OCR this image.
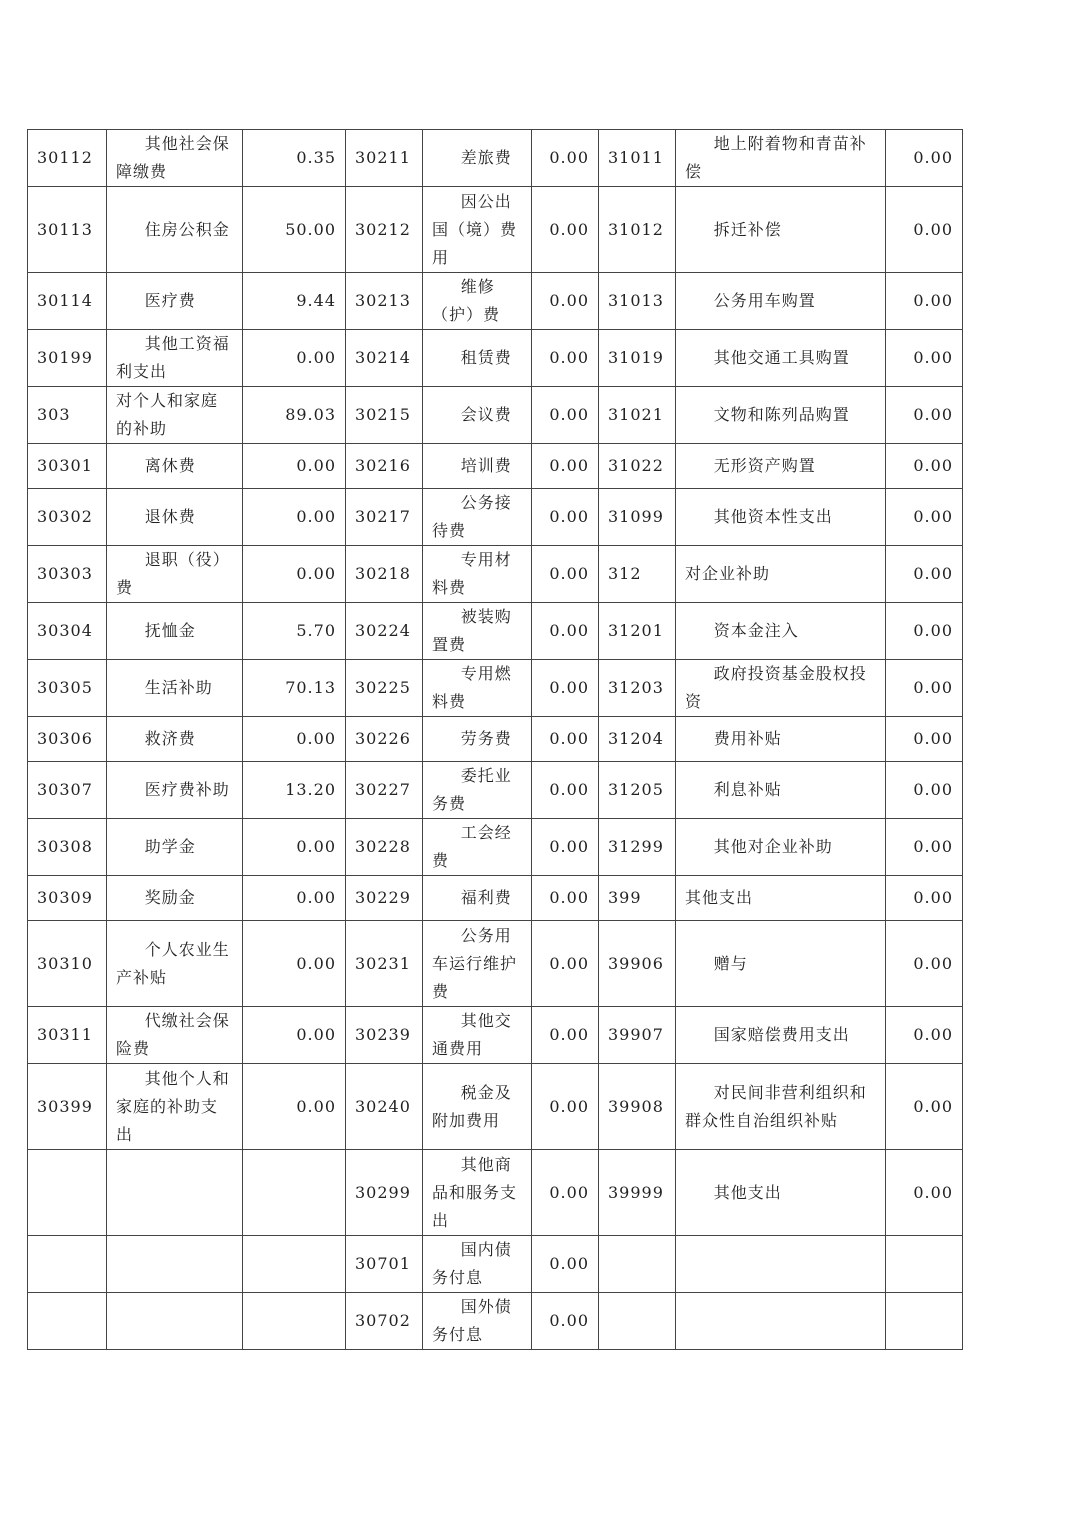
30112	其他社会保障缴费	0.35	30211	差旅费	0.00	31011	地上附着物和青苗补偿	0.00
30113	住房公积金	50.00	30212	因公出国（境）费用	0.00	31012	拆迁补偿	0.00
30114	医疗费	9.44	30213	维修（护）费	0.00	31013	公务用车购置	0.00
30199	其他工资福利支出	0.00	30214	租赁费	0.00	31019	其他交通工具购置	0.00
303	对个人和家庭的补助	89.03	30215	会议费	0.00	31021	文物和陈列品购置	0.00
30301	离休费	0.00	30216	培训费	0.00	31022	无形资产购置	0.00
30302	退休费	0.00	30217	公务接待费	0.00	31099	其他资本性支出	0.00
30303	退职（役）费	0.00	30218	专用材料费	0.00	312	对企业补助	0.00
30304	抚恤金	5.70	30224	被装购置费	0.00	31201	资本金注入	0.00
30305	生活补助	70.13	30225	专用燃料费	0.00	31203	政府投资基金股权投资	0.00
30306	救济费	0.00	30226	劳务费	0.00	31204	费用补贴	0.00
30307	医疗费补助	13.20	30227	委托业务费	0.00	31205	利息补贴	0.00
30308	助学金	0.00	30228	工会经费	0.00	31299	其他对企业补助	0.00
30309	奖励金	0.00	30229	福利费	0.00	399	其他支出	0.00
30310	个人农业生产补贴	0.00	30231	公务用车运行维护费	0.00	39906	赠与	0.00
30311	代缴社会保险费	0.00	30239	其他交通费用	0.00	39907	国家赔偿费用支出	0.00
30399	其他个人和家庭的补助支出	0.00	30240	税金及附加费用	0.00	39908	对民间非营利组织和群众性自治组织补贴	0.00
			30299	其他商品和服务支出	0.00	39999	其他支出	0.00
			30701	国内债务付息	0.00			
			30702	国外债务付息	0.00			
